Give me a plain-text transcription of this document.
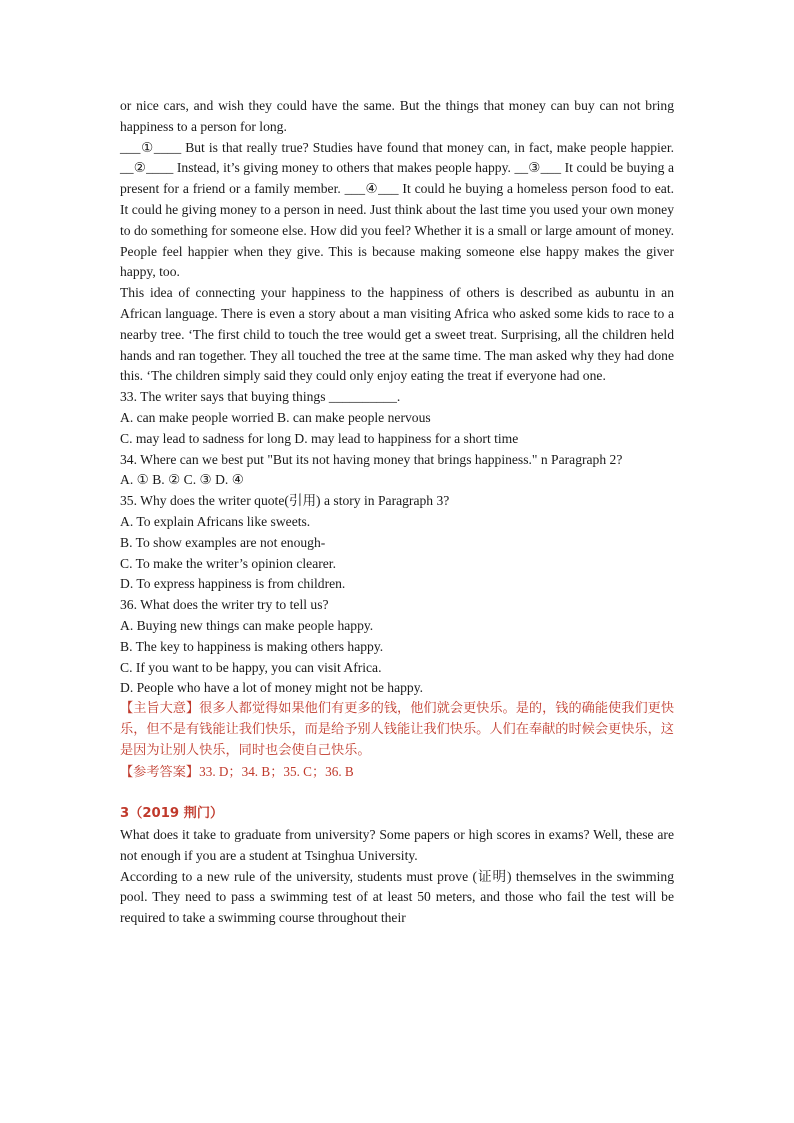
or nice cars, and wish they could have the same. But the things that money can buy can not bring happiness to a person for long.

___①____ But is that really true? Studies have found that money can, in fact, make people happier. __②____ Instead, it’s giving money to others that makes people happy. __③___ It could be buying a present for a friend or a family member. ___④___ It could he buying a homeless person food to eat. It could he giving money to a person in need. Just think about the last time you used your own money to do something for someone else. How did you feel? Whether it is a small or large amount of money. People feel happier when they give. This is because making someone else happy makes the giver happy, too.

This idea of connecting your happiness to the happiness of others is described as aubuntu in an African language. There is even a story about a man visiting Africa who asked some kids to race to a nearby tree. ‘The first child to touch the tree would get a sweet treat. Surprising, all the children held hands and ran together. They all touched the tree at the same time. The man asked why they had done this. ‘The children simply said they could only enjoy eating the treat if everyone had one.

33. The writer says that buying things __________.

A. can make people worried B. can make people nervous

C. may lead to sadness for long D. may lead to happiness for a short time

34. Where can we best put "But its not having money that brings happiness." n Paragraph 2?

A. ① B. ② C. ③ D. ④

35. Why does the writer quote(引用) a story in Paragraph 3?

A. To explain Africans like sweets.

B. To show examples are not enough-

C. To make the writer’s opinion clearer.

D. To express happiness is from children.

36. What does the writer try to tell us?

A. Buying new things can make people happy.

B. The key to happiness is making others happy.

C. If you want to be happy, you can visit Africa.

D. People who have a lot of money might not be happy.

【主旨大意】很多人都觉得如果他们有更多的钱，他们就会更快乐。是的，钱的确能使我们更快乐，但不是有钱能让我们快乐，而是给予别人钱能让我们快乐。人们在奉献的时候会更快乐，这是因为让别人快乐，同时也会使自己快乐。

【参考答案】33. D；34. B；35. C；36. B

3（2019 荆门）

What does it take to graduate from university? Some papers or high scores in exams? Well, these are not enough if you are a student at Tsinghua University.

According to a new rule of the university, students must prove (证明) themselves in the swimming pool. They need to pass a swimming test of at least 50 meters, and those who fail the test will be required to take a swimming course throughout their
